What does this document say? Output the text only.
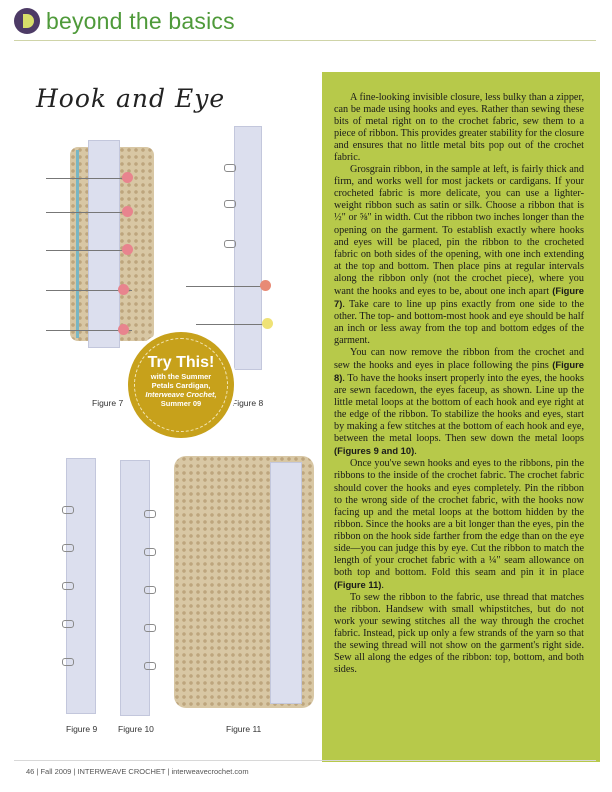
beyond the basics
Hook and Eye
Figure 7	Figure 8
Try This!
with the Summer
Petals Cardigan,
Interweave Crochet,
Summer 09
Figure 9 Figure 10	Figure 11

A fine-looking invisible closure, less bulky than a zipper, can be made using hooks and eyes. Rather than sewing these bits of metal right on to the crochet fabric, sew them to a piece of ribbon. This provides greater stability for the closure and ensures that no little metal bits pop out of the crochet fabric.

Grosgrain ribbon, in the sample at left, is fairly thick and firm, and works well for most jackets or cardigans. If your crocheted fabric is more delicate, you can use a lighter-weight ribbon such as satin or silk. Choose a ribbon that is ½" or ⅝" in width. Cut the ribbon two inches longer than the opening on the garment. To establish exactly where hooks and eyes will be placed, pin the ribbon to the crocheted fabric on both sides of the opening, with one inch extending at the top and bottom. Then place pins at regular intervals along the ribbon only (not the crochet piece), where you want the hooks and eyes to be, about one inch apart (Figure 7). Take care to line up pins exactly from one side to the other. The top- and bottom-most hook and eye should be half an inch or less away from the top and bottom edges of the garment.

You can now remove the ribbon from the crochet and sew the hooks and eyes in place following the pins (Figure 8). To have the hooks insert properly into the eyes, the hooks are sewn facedown, the eyes faceup, as shown. Line up the little metal loops at the bottom of each hook and eye right at the edge of the ribbon. To stabilize the hooks and eyes, start by making a few stitches at the bottom of each hook and eye, between the metal loops. Then sew down the metal loops (Figures 9 and 10).

Once you've sewn hooks and eyes to the ribbons, pin the ribbons to the inside of the crochet fabric. The crochet fabric should cover the hooks and eyes completely. Pin the ribbon to the wrong side of the crochet fabric, with the hooks now facing up and the metal loops at the bottom hidden by the ribbon. Since the hooks are a bit longer than the eyes, pin the ribbon on the hook side farther from the edge than on the eye side—you can judge this by eye. Cut the ribbon to match the length of your crochet fabric with a ¼" seam allowance on both top and bottom. Fold this seam and pin it in place (Figure 11).

To sew the ribbon to the fabric, use thread that matches the ribbon. Handsew with small whipstitches, but do not work your sewing stitches all the way through the crochet fabric. Instead, pick up only a few strands of the yarn so that the sewing thread will not show on the garment's right side. Sew all along the edges of the ribbon: top, bottom, and both sides.

46 | Fall 2009 | INTERWEAVE CROCHET | interweavecrochet.com
